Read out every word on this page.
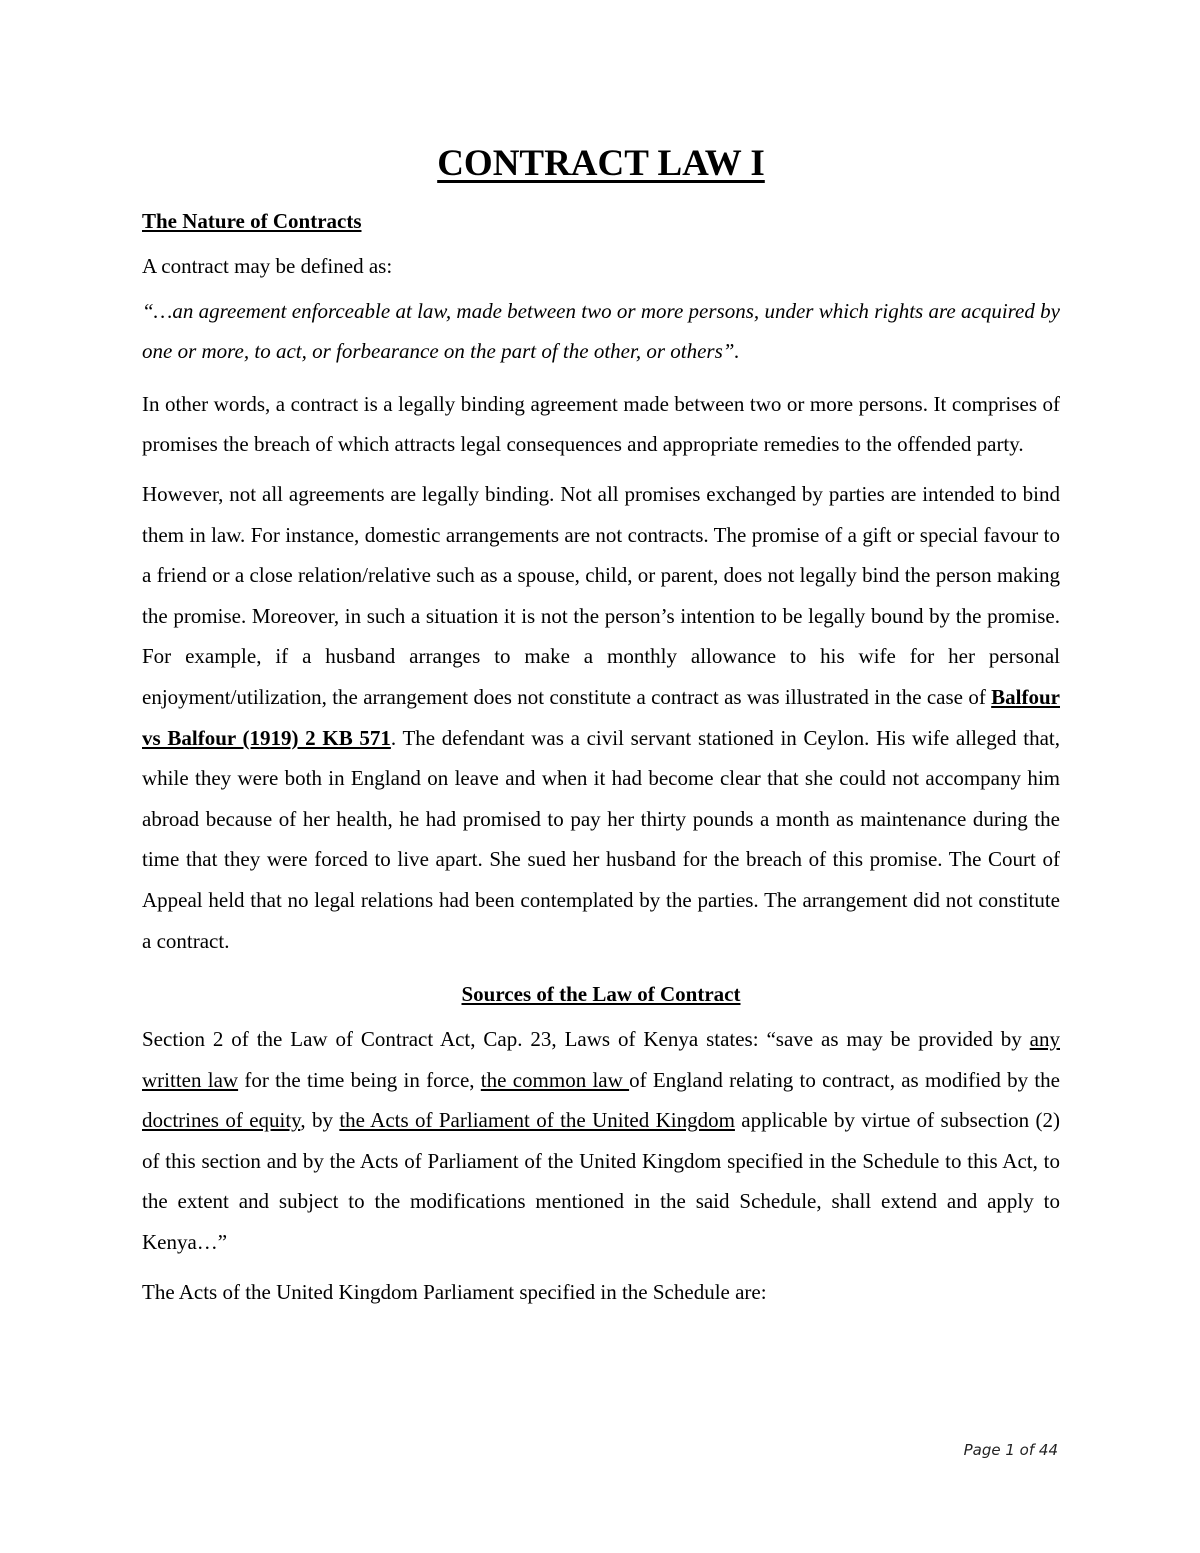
CONTRACT LAW I
The Nature of Contracts
A contract may be defined as:
“…an agreement enforceable at law, made between two or more persons, under which rights are acquired by one or more, to act, or forbearance on the part of the other, or others”.
In other words, a contract is a legally binding agreement made between two or more persons. It comprises of promises the breach of which attracts legal consequences and appropriate remedies to the offended party.
However, not all agreements are legally binding. Not all promises exchanged by parties are intended to bind them in law. For instance, domestic arrangements are not contracts. The promise of a gift or special favour to a friend or a close relation/relative such as a spouse, child, or parent, does not legally bind the person making the promise. Moreover, in such a situation it is not the person’s intention to be legally bound by the promise. For example, if a husband arranges to make a monthly allowance to his wife for her personal enjoyment/utilization, the arrangement does not constitute a contract as was illustrated in the case of Balfour vs Balfour (1919) 2 KB 571. The defendant was a civil servant stationed in Ceylon. His wife alleged that, while they were both in England on leave and when it had become clear that she could not accompany him abroad because of her health, he had promised to pay her thirty pounds a month as maintenance during the time that they were forced to live apart. She sued her husband for the breach of this promise. The Court of Appeal held that no legal relations had been contemplated by the parties. The arrangement did not constitute a contract.
Sources of the Law of Contract
Section 2 of the Law of Contract Act, Cap. 23, Laws of Kenya states: “save as may be provided by any written law for the time being in force, the common law of England relating to contract, as modified by the doctrines of equity, by the Acts of Parliament of the United Kingdom applicable by virtue of subsection (2) of this section and by the Acts of Parliament of the United Kingdom specified in the Schedule to this Act, to the extent and subject to the modifications mentioned in the said Schedule, shall extend and apply to Kenya…”
The Acts of the United Kingdom Parliament specified in the Schedule are:
Page 1 of 44
